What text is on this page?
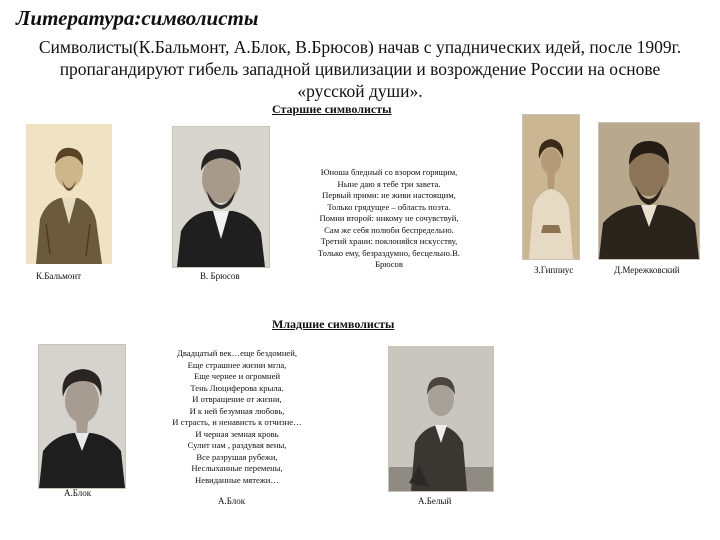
Литература:символисты
Символисты(К.Бальмонт, А.Блок, В.Брюсов) начав с упаднических идей, после 1909г.
пропагандируют гибель западной цивилизации и возрождение России на основе
«русской души».
Старшие символисты
К.Бальмонт	В. Брюсов
Юноша бледный со взором горящим,
Ныне даю я тебе три завета.
Первый прими: не живи настоящим,
Только грядущее – область поэта.
Помни второй: никому не сочувствуй,
Сам же себя полюби беспредельно.
Третий храни: поклоняйся искусству,
Только ему, безраздумно, бесцельно.В.
Брюсов
З.Гиппиус	Д.Мережковский
Младшие символисты
А.Блок
Двадцатый век…еще бездомней,
Еще страшнее жизни мгла,
Еще чернее и огромней
Тень Люциферова крыла.
И отвращение от жизни,
И к ней безумная любовь,
И страсть, и ненависть к отчизне…
И черная земная кровь
Сулит нам , раздувая вены,
Все разрушая рубежи,
Неслыханные перемены,
Невиданные мятежи…
А.Блок	А.Белый
